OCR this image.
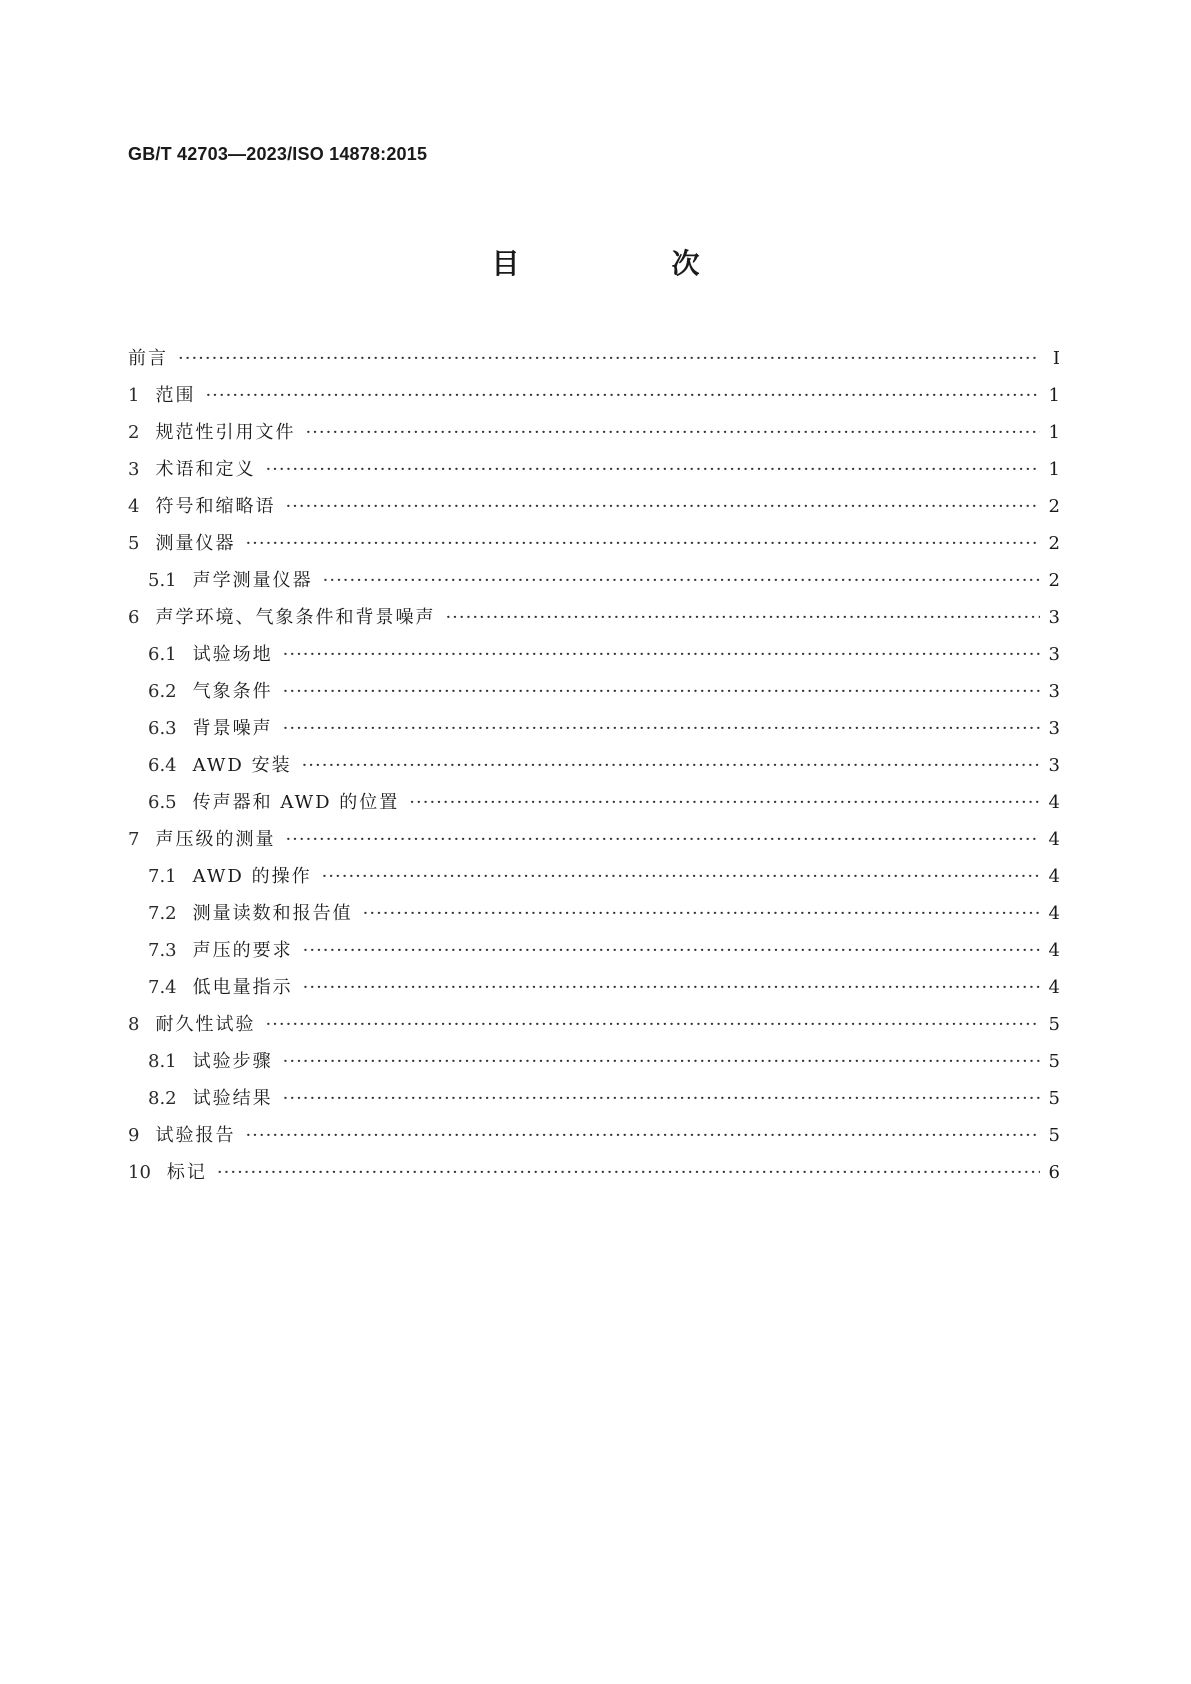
GB/T 42703—2023/ISO 14878:2015
目　次
前言 ·····	Ⅰ
1 范围 ·····	1
2 规范性引用文件 ·····	1
3 术语和定义 ·····	1
4 符号和缩略语 ·····	2
5 测量仪器 ·····	2
5.1 声学测量仪器 ·····	2
6 声学环境、气象条件和背景噪声 ·····	3
6.1 试验场地 ·····	3
6.2 气象条件 ·····	3
6.3 背景噪声 ·····	3
6.4 AWD 安装 ·····	3
6.5 传声器和 AWD 的位置 ·····	4
7 声压级的测量 ·····	4
7.1 AWD 的操作 ·····	4
7.2 测量读数和报告值 ·····	4
7.3 声压的要求 ·····	4
7.4 低电量指示 ·····	4
8 耐久性试验 ·····	5
8.1 试验步骤 ·····	5
8.2 试验结果 ·····	5
9 试验报告 ·····	5
10 标记 ·····	6
